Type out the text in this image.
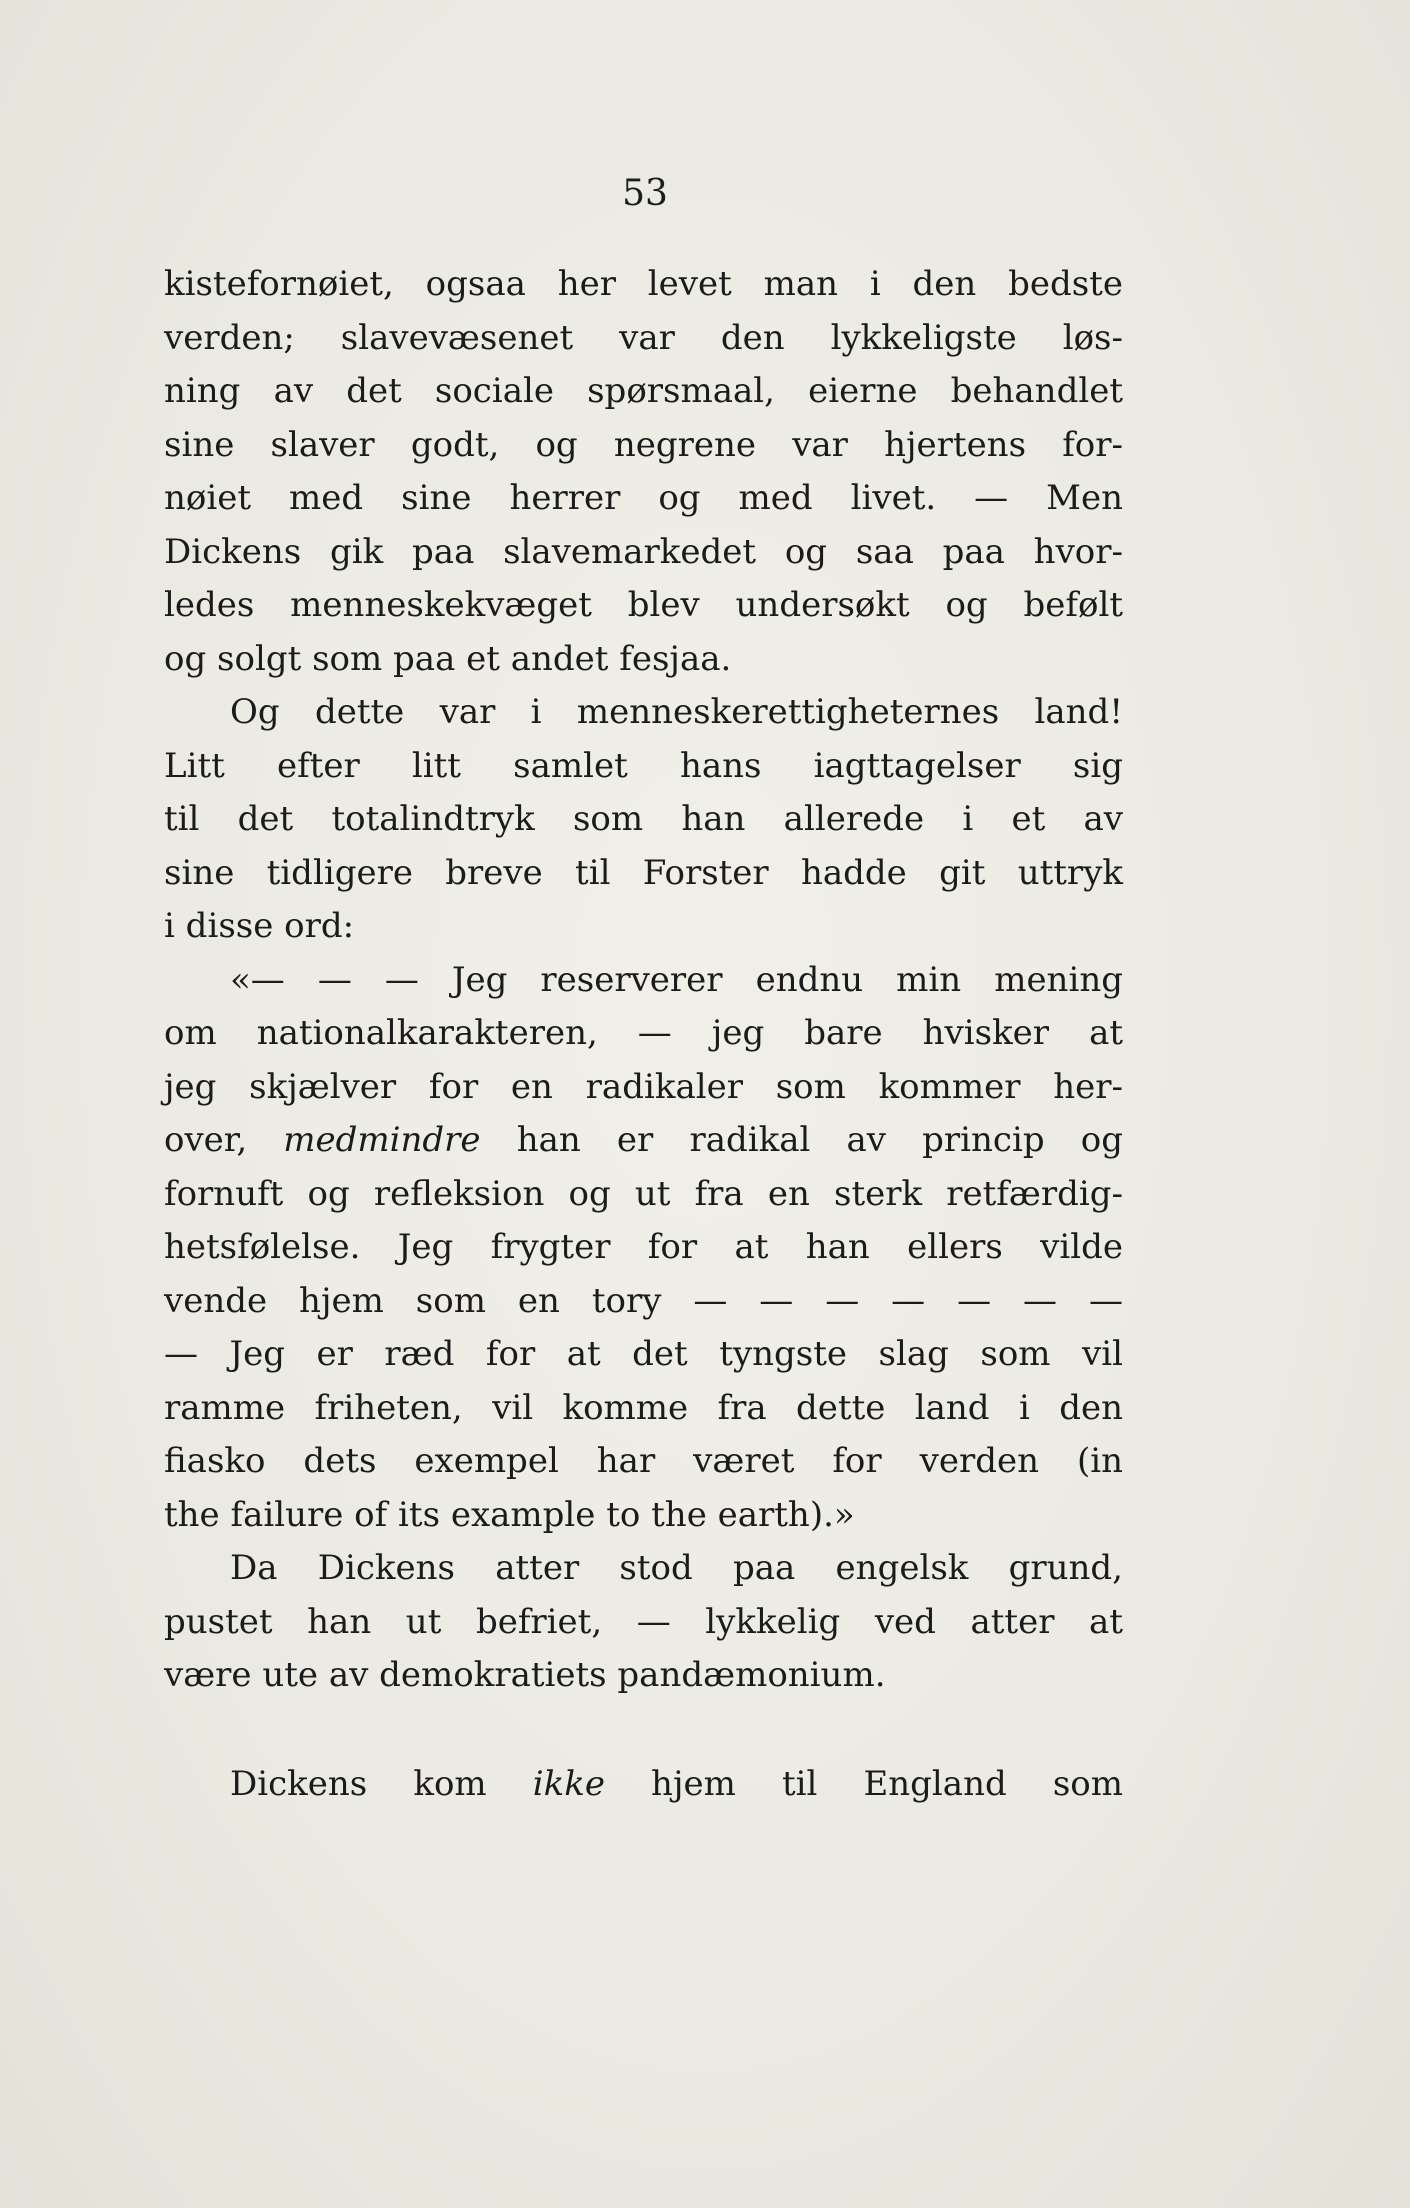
53
kistefornøiet, ogsaa her levet man i den bedste
verden; slavevæsenet var den lykkeligste løs-
ning av det sociale spørsmaal, eierne behandlet
sine slaver godt, og negrene var hjertens for-
nøiet med sine herrer og med livet. — Men
Dickens gik paa slavemarkedet og saa paa hvor-
ledes menneskekvæget blev undersøkt og befølt
og solgt som paa et andet fesjaa.
Og dette var i menneskerettigheternes land!
Litt efter litt samlet hans iagttagelser sig
til det totalindtryk som han allerede i et av
sine tidligere breve til Forster hadde git uttryk
i disse ord:
«— — — Jeg reserverer endnu min mening
om nationalkarakteren, — jeg bare hvisker at
jeg skjælver for en radikaler som kommer her-
over, medmindre han er radikal av princip og
fornuft og refleksion og ut fra en sterk retfærdig-
hetsfølelse. Jeg frygter for at han ellers vilde
vende hjem som en tory — — — — — — —
— Jeg er ræd for at det tyngste slag som vil
ramme friheten, vil komme fra dette land i den
fiasko dets exempel har været for verden (in
the failure of its example to the earth).»
Da Dickens atter stod paa engelsk grund,
pustet han ut befriet, — lykkelig ved atter at
være ute av demokratiets pandæmonium.
Dickens kom ikke hjem til England som
